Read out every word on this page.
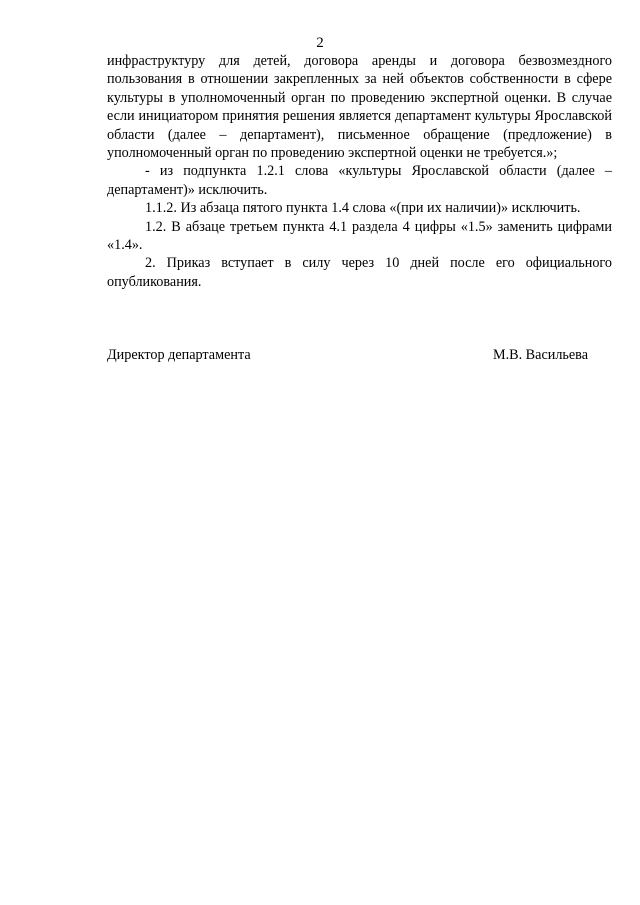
2

инфраструктуру для детей, договора аренды и договора безвозмездного пользования в отношении закрепленных за ней объектов собственности в сфере культуры в уполномоченный орган по проведению экспертной оценки. В случае если инициатором принятия решения является департамент культуры Ярославской области (далее – департамент), письменное обращение (предложение) в уполномоченный орган по проведению экспертной оценки не требуется.»;

- из подпункта 1.2.1 слова «культуры Ярославской области (далее – департамент)» исключить.

1.1.2. Из абзаца пятого пункта 1.4 слова «(при их наличии)» исключить.

1.2. В абзаце третьем пункта 4.1 раздела 4 цифры «1.5» заменить цифрами «1.4».

2. Приказ вступает в силу через 10 дней после его официального опубликования.

Директор департамента	М.В. Васильева
